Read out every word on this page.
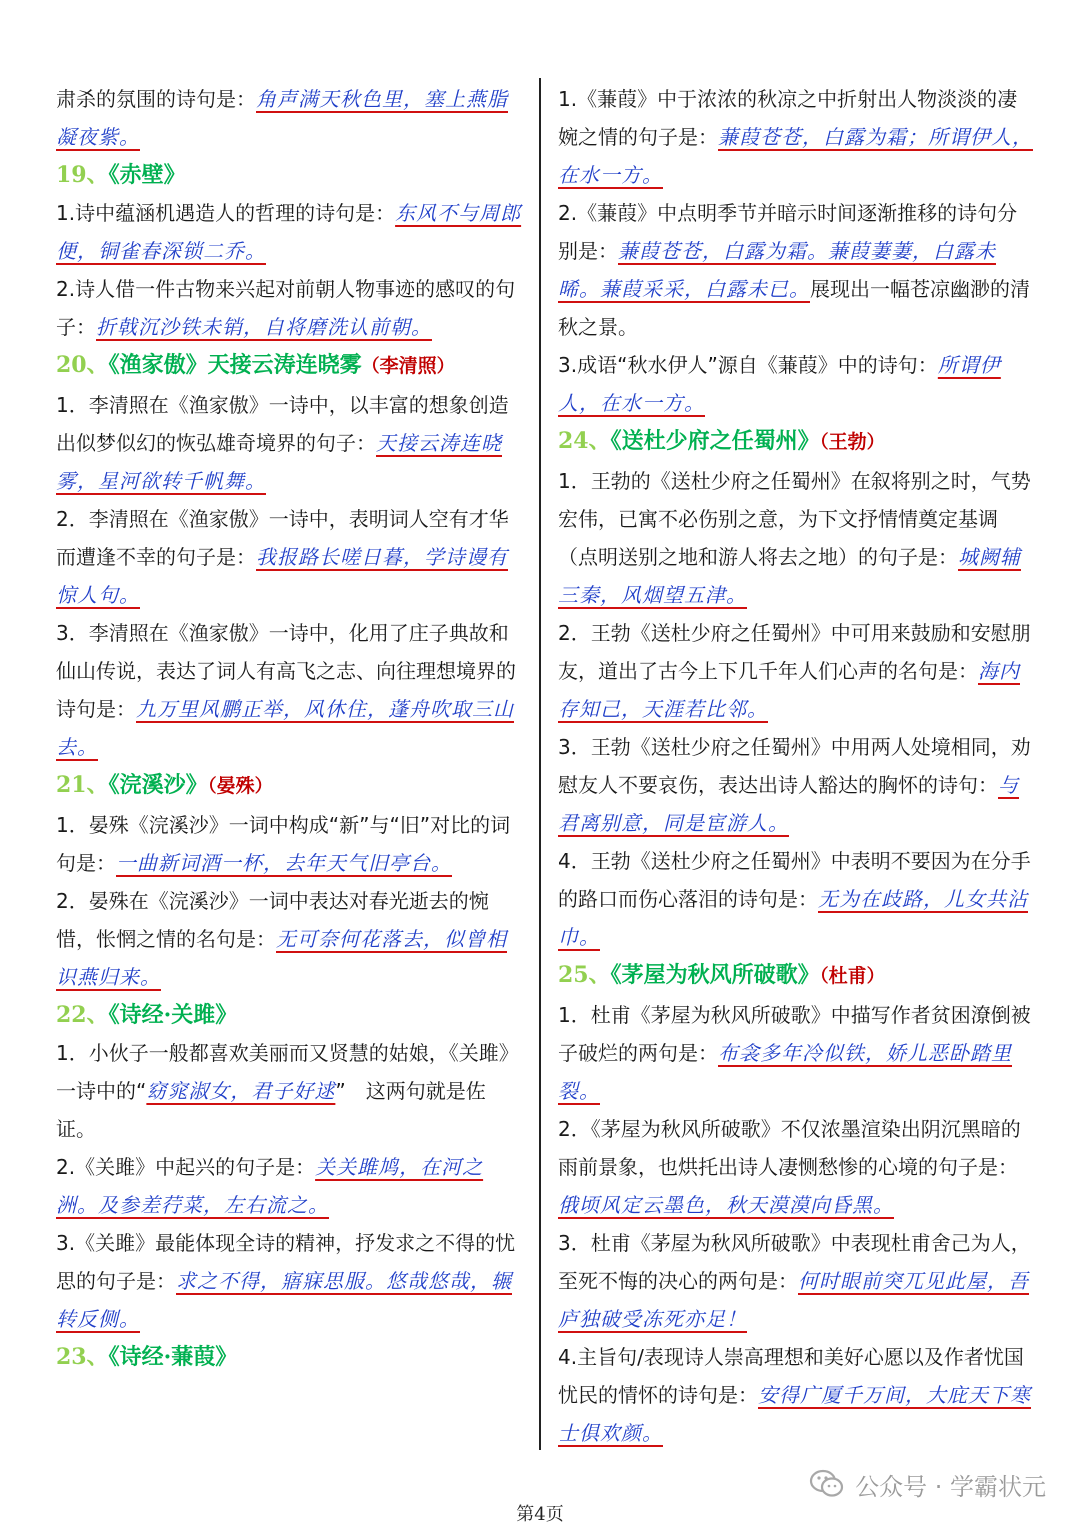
肃杀的氛围的诗句是：角声满天秋色里，塞上燕脂凝夜紫。

19、《赤壁》

1.诗中蕴涵机遇造人的哲理的诗句是：东风不与周郎便，铜雀春深锁二乔。

2.诗人借一件古物来兴起对前朝人物事迹的感叹的句子：折戟沉沙铁未销，自将磨洗认前朝。

20、《渔家傲》天接云涛连晓雾（李清照）

1．李清照在《渔家傲》一诗中，以丰富的想象创造出似梦似幻的恢弘雄奇境界的句子：天接云涛连晓雾，星河欲转千帆舞。

2．李清照在《渔家傲》一诗中，表明词人空有才华而遭逢不幸的句子是：我报路长嗟日暮，学诗谩有惊人句。

3．李清照在《渔家傲》一诗中，化用了庄子典故和仙山传说，表达了词人有高飞之志、向往理想境界的诗句是：九万里风鹏正举，风休住，蓬舟吹取三山去。

21、《浣溪沙》（晏殊）

1．晏殊《浣溪沙》一词中构成“新”与“旧”对比的词句是：一曲新词酒一杯，去年天气旧亭台。

2．晏殊在《浣溪沙》一词中表达对春光逝去的惋惜，怅惘之情的名句是：无可奈何花落去，似曾相识燕归来。

22、《诗经·关雎》

1．小伙子一般都喜欢美丽而又贤慧的姑娘，《关雎》一诗中的“窈窕淑女，君子好逑”　这两句就是佐证。

2.《关雎》中起兴的句子是：关关雎鸠，在河之洲。及参差荇菜，左右流之。

3.《关雎》最能体现全诗的精神，抒发求之不得的忧思的句子是：求之不得，寤寐思服。悠哉悠哉，辗转反侧。

23、《诗经·蒹葭》

1.《蒹葭》中于浓浓的秋凉之中折射出人物淡淡的凄婉之情的句子是：蒹葭苍苍，白露为霜；所谓伊人，在水一方。

2.《蒹葭》中点明季节并暗示时间逐渐推移的诗句分别是：蒹葭苍苍，白露为霜。蒹葭萋萋，白露未晞。蒹葭采采，白露未已。展现出一幅苍凉幽渺的清秋之景。

3.成语“秋水伊人”源自《蒹葭》中的诗句：所谓伊人，在水一方。

24、《送杜少府之任蜀州》（王勃）

1．王勃的《送杜少府之任蜀州》在叙将别之时，气势宏伟，已寓不必伤别之意，为下文抒情情奠定基调（点明送别之地和游人将去之地）的句子是：城阙辅三秦，风烟望五津。

2．王勃《送杜少府之任蜀州》中可用来鼓励和安慰朋友，道出了古今上下几千年人们心声的名句是：海内存知己，天涯若比邻。

3．王勃《送杜少府之任蜀州》中用两人处境相同，劝慰友人不要哀伤，表达出诗人豁达的胸怀的诗句：与君离别意，同是宦游人。

4．王勃《送杜少府之任蜀州》中表明不要因为在分手的路口而伤心落泪的诗句是：无为在歧路，儿女共沾巾。

25、《茅屋为秋风所破歌》（杜甫）

1．杜甫《茅屋为秋风所破歌》中描写作者贫困潦倒被子破烂的两句是：布衾多年冷似铁，娇儿恶卧踏里裂。

2．《茅屋为秋风所破歌》不仅浓墨渲染出阴沉黑暗的雨前景象，也烘托出诗人凄恻愁惨的心境的句子是：俄顷风定云墨色，秋天漠漠向昏黑。

3．杜甫《茅屋为秋风所破歌》中表现杜甫舍己为人，至死不悔的决心的两句是：何时眼前突兀见此屋，吾庐独破受冻死亦足！

4.主旨句/表现诗人崇高理想和美好心愿以及作者忧国忧民的情怀的诗句是：安得广厦千万间，大庇天下寒士俱欢颜。

公众号 · 学霸状元
第4页
